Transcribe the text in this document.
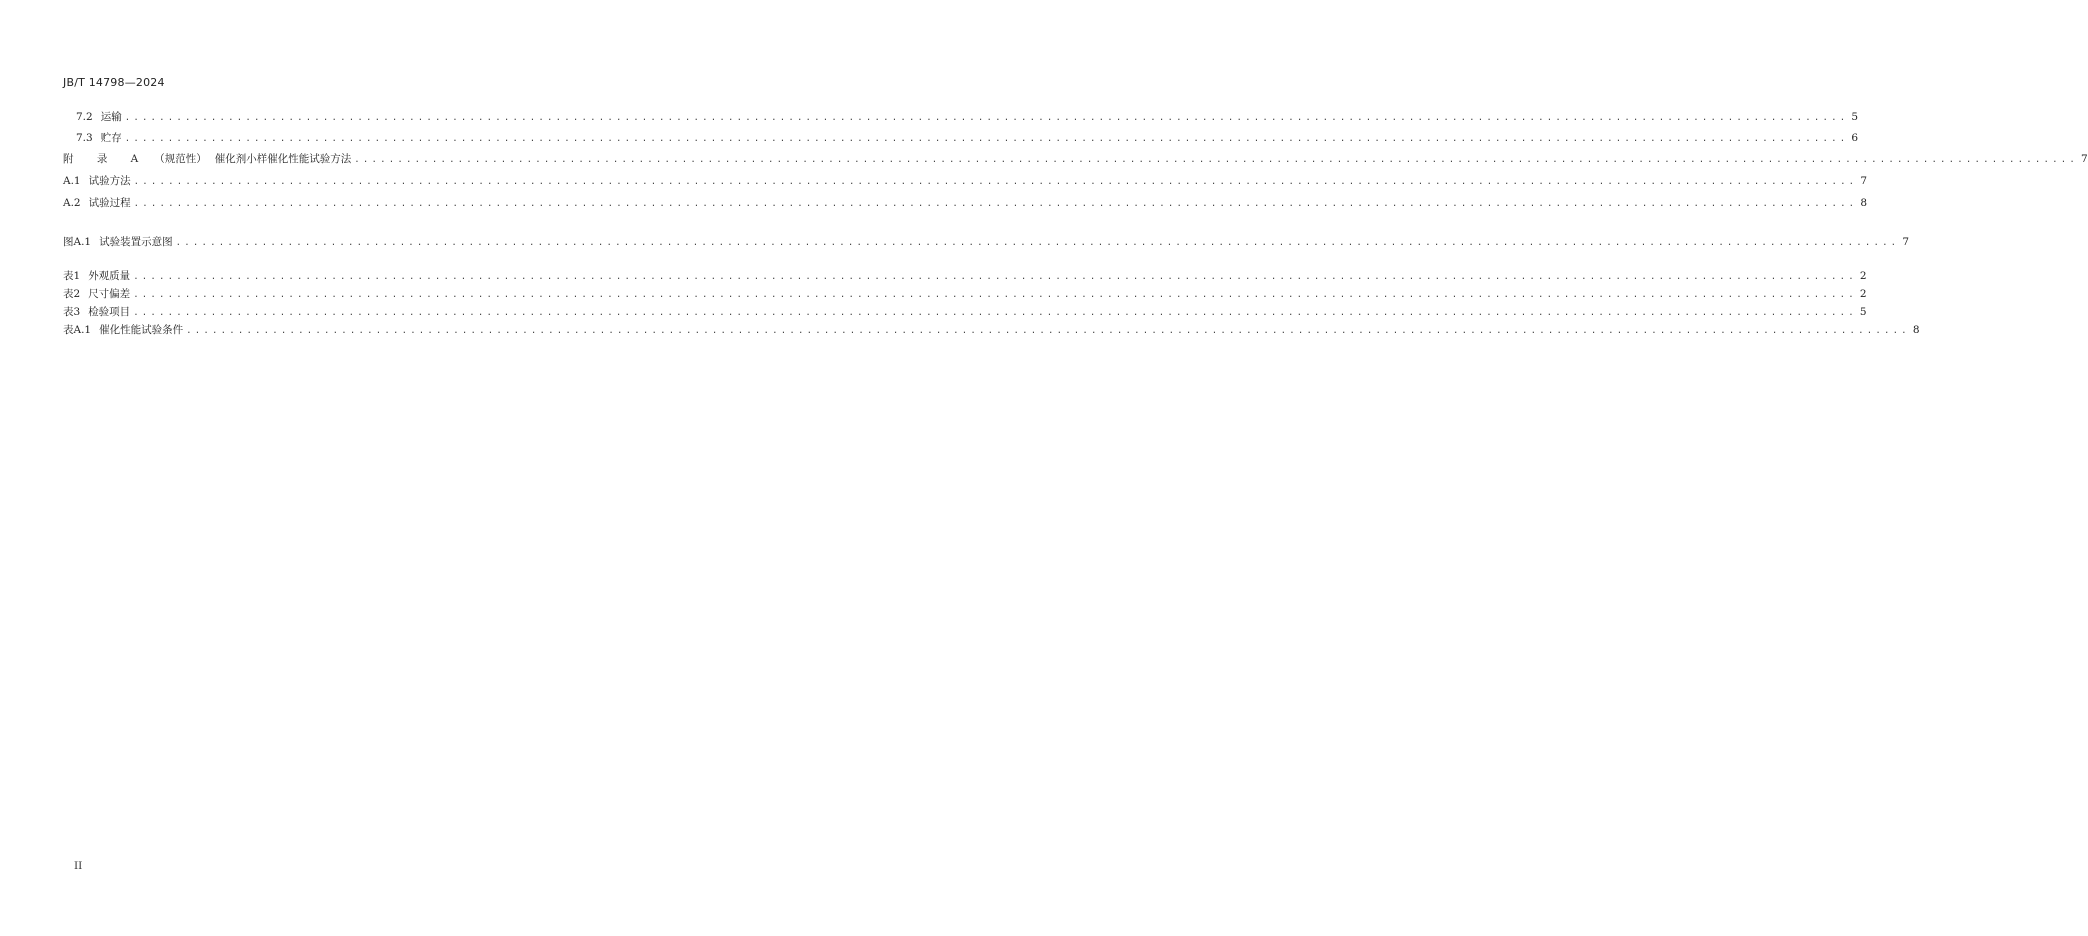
JB/T 14798—2024
7.2 运输 ........................................................................................................................................................................................................ 5
7.3 贮存 ........................................................................................................................................................................................................ 6
附 录 A （规范性） 催化剂小样催化性能试验方法 ........................................................................................................................................................................................................ 7
A.1 试验方法 ........................................................................................................................................................................................................ 7
A.2 试验过程 ........................................................................................................................................................................................................ 8
图A.1 试验装置示意图 ........................................................................................................................................................................................................ 7
表1 外观质量 ........................................................................................................................................................................................................ 2
表2 尺寸偏差 ........................................................................................................................................................................................................ 2
表3 检验项目 ........................................................................................................................................................................................................ 5
表A.1 催化性能试验条件 ........................................................................................................................................................................................................ 8
II
